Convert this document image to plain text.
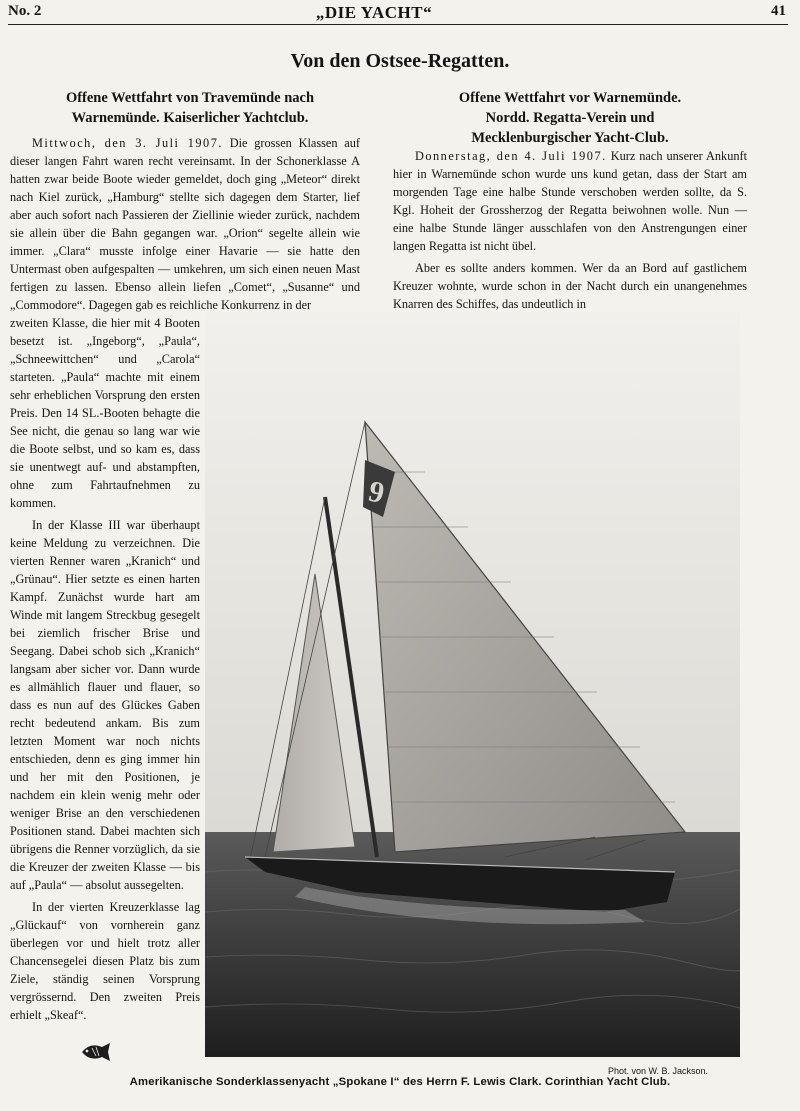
No. 2	„DIE YACHT“	41
Von den Ostsee-Regatten.
Offene Wettfahrt von Travemünde nach
Warnemünde. Kaiserlicher Yachtclub.
Offene Wettfahrt vor Warnemünde.
Nordd. Regatta-Verein und
Mecklenburgischer Yacht-Club.

Mittwoch, den 3. Juli 1907. Die grossen Klassen auf dieser langen Fahrt waren recht vereinsamt. In der Schonerklasse A hatten zwar beide Boote wieder gemeldet, doch ging „Meteor“ direkt nach Kiel zurück, „Hamburg“ stellte sich dagegen dem Starter, lief aber auch sofort nach Passieren der Ziellinie wieder zurück, nachdem sie allein über die Bahn gegangen war. „Orion“ segelte allein wie immer. „Clara“ musste infolge einer Havarie — sie hatte den Untermast oben aufgespalten — umkehren, um sich einen neuen Mast fertigen zu lassen. Ebenso allein liefen „Comet“, „Susanne“ und „Commodore“. Dagegen gab es reichliche Konkurrenz in der

zweiten Klasse, die hier mit 4 Booten besetzt ist. „Ingeborg“, „Paula“, „Schneewittchen“ und „Carola“ starteten. „Paula“ machte mit einem sehr erheblichen Vorsprung den ersten Preis. Den 14 SL.-Booten behagte die See nicht, die genau so lang war wie die Boote selbst, und so kam es, dass sie unentwegt auf- und abstampften, ohne zum Fahrtaufnehmen zu kommen.

In der Klasse III war überhaupt keine Meldung zu verzeichnen. Die vierten Renner waren „Kranich“ und „Grünau“. Hier setzte es einen harten Kampf. Zunächst wurde hart am Winde mit langem Streckbug gesegelt bei ziemlich frischer Brise und Seegang. Dabei schob sich „Kranich“ langsam aber sicher vor. Dann wurde es allmählich flauer und flauer, so dass es nun auf des Glückes Gaben recht bedeutend ankam. Bis zum letzten Moment war noch nichts entschieden, denn es ging immer hin und her mit den Positionen, je nachdem ein klein wenig mehr oder weniger Brise an den verschiedenen Positionen stand. Dabei machten sich übrigens die Renner vorzüglich, da sie die Kreuzer der zweiten Klasse — bis auf „Paula“ — absolut aussegelten.

In der vierten Kreuzerklasse lag „Glückauf“ von vornherein ganz überlegen vor und hielt trotz aller Chancensegelei diesen Platz bis zum Ziele, ständig seinen Vorsprung vergrössernd. Den zweiten Preis erhielt „Skeaf“.

Donnerstag, den 4. Juli 1907. Kurz nach unserer Ankunft hier in Warnemünde schon wurde uns kund getan, dass der Start am morgenden Tage eine halbe Stunde verschoben werden sollte, da S. Kgl. Hoheit der Grossherzog der Regatta beiwohnen wolle. Nun — eine halbe Stunde länger ausschlafen von den Anstrengungen einer langen Regatta ist nicht übel.

Aber es sollte anders kommen. Wer da an Bord auf gastlichem Kreuzer wohnte, wurde schon in der Nacht durch ein unangenehmes Knarren des Schiffes, das undeutlich in

9
Phot. von W. B. Jackson.
Amerikanische Sonderklassenyacht „Spokane I“ des Herrn F. Lewis Clark. Corinthian Yacht Club.
